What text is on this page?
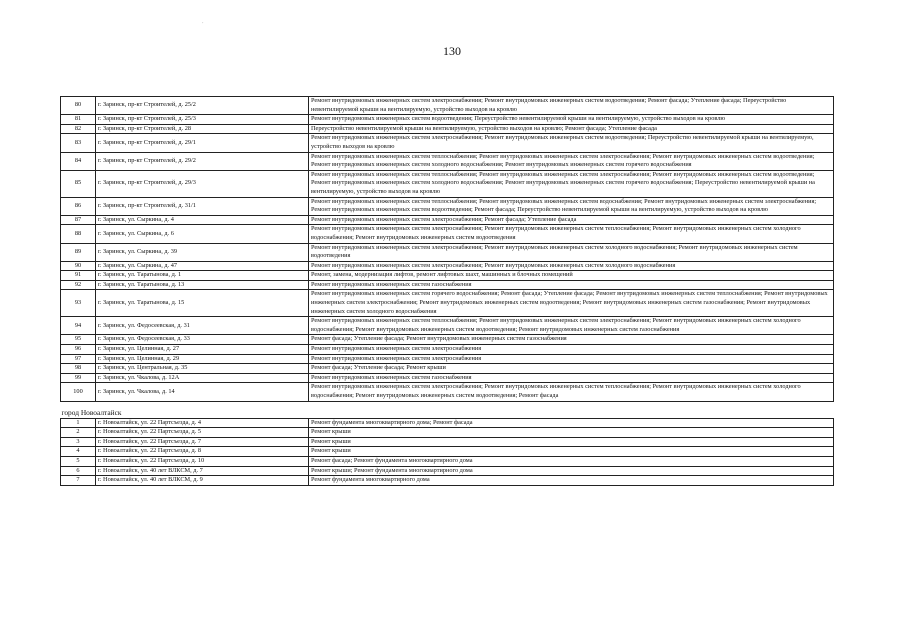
˙
130
80	г. Заринск, пр-кт Строителей, д. 25/2	Ремонт внутридомовых инженерных систем электроснабжения; Ремонт внутридомовых инженерных систем водоотведения; Ремонт фасада; Утепление фасада; Переустройство невентилируемой крыши на вентилируемую, устройство выходов на кровлю
81	г. Заринск, пр-кт Строителей, д. 25/3	Ремонт внутридомовых инженерных систем водоотведения; Переустройство невентилируемой крыши на вентилируемую, устройство выходов на кровлю
82	г. Заринск, пр-кт Строителей, д. 28	Переустройство невентилируемой крыши на вентилируемую, устройство выходов на кровлю; Ремонт фасада; Утепление фасада
83	г. Заринск, пр-кт Строителей, д. 29/1	Ремонт внутридомовых инженерных систем электроснабжения; Ремонт внутридомовых инженерных систем водоотведения; Переустройство невентилируемой крыши на вентилируемую, устройство выходов на кровлю
84	г. Заринск, пр-кт Строителей, д. 29/2	Ремонт внутридомовых инженерных систем теплоснабжения; Ремонт внутридомовых инженерных систем электроснабжения; Ремонт внутридомовых инженерных систем водоотведения; Ремонт внутридомовых инженерных систем холодного водоснабжения; Ремонт внутридомовых инженерных систем горячего водоснабжения
85	г. Заринск, пр-кт Строителей, д. 29/3	Ремонт внутридомовых инженерных систем теплоснабжения; Ремонт внутридомовых инженерных систем электроснабжения; Ремонт внутридомовых инженерных систем водоотведения; Ремонт внутридомовых инженерных систем холодного водоснабжения; Ремонт внутридомовых инженерных систем горячего водоснабжения; Переустройство невентилируемой крыши на вентилируемую, устройство выходов на кровлю
86	г. Заринск, пр-кт Строителей, д. 31/1	Ремонт внутридомовых инженерных систем теплоснабжения; Ремонт внутридомовых инженерных систем водоснабжения; Ремонт внутридомовых инженерных систем электроснабжения; Ремонт внутридомовых инженерных систем водоотведения; Ремонт фасада; Переустройство невентилируемой крыши на вентилируемую, устройство выходов на кровлю
87	г. Заринск, ул. Сыркина, д. 4	Ремонт внутридомовых инженерных систем электроснабжения; Ремонт фасада; Утепление фасада
88	г. Заринск, ул. Сыркина, д. 6	Ремонт внутридомовых инженерных систем электроснабжения; Ремонт внутридомовых инженерных систем теплоснабжения; Ремонт внутридомовых инженерных систем холодного водоснабжения; Ремонт внутридомовых инженерных систем водоотведения
89	г. Заринск, ул. Сыркина, д. 39	Ремонт внутридомовых инженерных систем электроснабжения; Ремонт внутридомовых инженерных систем холодного водоснабжения; Ремонт внутридомовых инженерных систем водоотведения
90	г. Заринск, ул. Сыркина, д. 47	Ремонт внутридомовых инженерных систем электроснабжения; Ремонт внутридомовых инженерных систем холодного водоснабжения
91	г. Заринск, ул. Таратынова, д. 1	Ремонт, замена, модернизация лифтов, ремонт лифтовых шахт, машинных и блочных помещений
92	г. Заринск, ул. Таратынова, д. 13	Ремонт внутридомовых инженерных систем газоснабжения
93	г. Заринск, ул. Таратынова, д. 15	Ремонт внутридомовых инженерных систем горячего водоснабжения; Ремонт фасада; Утепление фасада; Ремонт внутридомовых инженерных систем теплоснабжения; Ремонт внутридомовых инженерных систем электроснабжения; Ремонт внутридомовых инженерных систем водоотведения; Ремонт внутридомовых инженерных систем газоснабжения; Ремонт внутридомовых инженерных систем холодного водоснабжения
94	г. Заринск, ул. Федосеевская, д. 31	Ремонт внутридомовых инженерных систем теплоснабжения; Ремонт внутридомовых инженерных систем электроснабжения; Ремонт внутридомовых инженерных систем холодного водоснабжения; Ремонт внутридомовых инженерных систем водоотведения; Ремонт внутридомовых инженерных систем газоснабжения
95	г. Заринск, ул. Федосеевская, д. 33	Ремонт фасада; Утепление фасада; Ремонт внутридомовых инженерных систем газоснабжения
96	г. Заринск, ул. Целинная, д. 27	Ремонт внутридомовых инженерных систем электроснабжения
97	г. Заринск, ул. Целинная, д. 29	Ремонт внутридомовых инженерных систем электроснабжения
98	г. Заринск, ул. Центральная, д. 35	Ремонт фасада; Утепление фасада; Ремонт крыши
99	г. Заринск, ул. Чкалова, д. 12А	Ремонт внутридомовых инженерных систем газоснабжения
100	г. Заринск, ул. Чкалова, д. 14	Ремонт внутридомовых инженерных систем электроснабжения; Ремонт внутридомовых инженерных систем теплоснабжения; Ремонт внутридомовых инженерных систем холодного водоснабжения; Ремонт внутридомовых инженерных систем водоотведения; Ремонт фасада
город Новоалтайск		
1	г. Новоалтайск, ул. 22 Партсъезда, д. 4	Ремонт фундамента многоквартирного дома; Ремонт фасада
2	г. Новоалтайск, ул. 22 Партсъезда, д. 5	Ремонт крыши
3	г. Новоалтайск, ул. 22 Партсъезда, д. 7	Ремонт крыши
4	г. Новоалтайск, ул. 22 Партсъезда, д. 8	Ремонт крыши
5	г. Новоалтайск, ул. 22 Партсъезда, д. 10	Ремонт фасада; Ремонт фундамента многоквартирного дома
6	г. Новоалтайск, ул. 40 лет ВЛКСМ, д. 7	Ремонт крыши; Ремонт фундамента многоквартирного дома
7	г. Новоалтайск, ул. 40 лет ВЛКСМ, д. 9	Ремонт фундамента многоквартирного дома
